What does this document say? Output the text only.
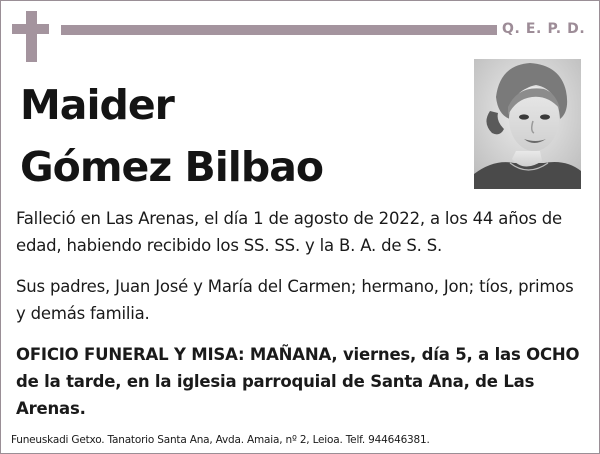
Q. E. P. D.
Maider
Gómez Bilbao
Falleció en Las Arenas, el día 1 de agosto de 2022, a los 44 años de edad, habiendo recibido los SS. SS. y la B. A. de S. S.
Sus padres, Juan José y María del Carmen; hermano, Jon; tíos, primos y demás familia.
OFICIO FUNERAL Y MISA: MAÑANA, viernes, día 5, a las OCHO de la tarde, en la iglesia parroquial de Santa Ana, de Las Arenas.
Funeuskadi Getxo. Tanatorio Santa Ana, Avda. Amaia, nº 2, Leioa. Telf. 944646381.
